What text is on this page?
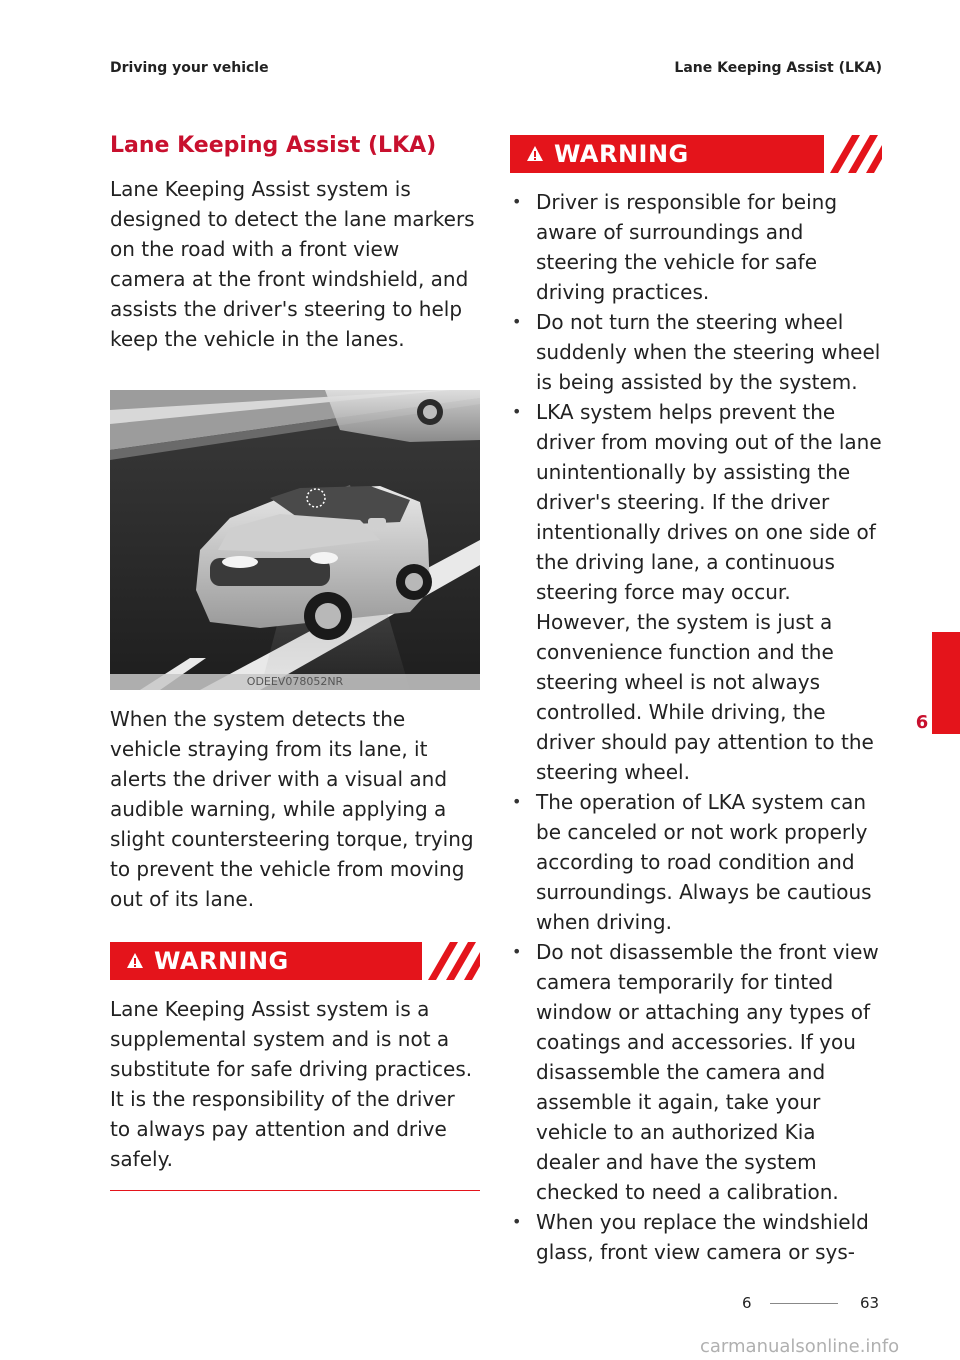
Driving your vehicle	Lane Keeping Assist (LKA)
Lane Keeping Assist (LKA)

Lane Keeping Assist system is designed to detect the lane markers on the road with a front view camera at the front windshield, and assists the driver's steering to help keep the vehicle in the lanes.

ODEEV078052NR

When the system detects the vehicle straying from its lane, it alerts the driver with a visual and audible warning, while applying a slight countersteering torque, trying to prevent the vehicle from moving out of its lane.

WARNING

Lane Keeping Assist system is a supplemental system and is not a substitute for safe driving practices. It is the responsibility of the driver to always pay attention and drive safely.

WARNING
• Driver is responsible for being aware of surroundings and steering the vehicle for safe driving practices.
• Do not turn the steering wheel suddenly when the steering wheel is being assisted by the system.
• LKA system helps prevent the driver from moving out of the lane unintentionally by assisting the driver's steering. If the driver intentionally drives on one side of the driving lane, a continuous steering force may occur. However, the system is just a convenience function and the steering wheel is not always controlled. While driving, the driver should pay attention to the steering wheel.
• The operation of LKA system can be canceled or not work properly according to road condition and surroundings. Always be cautious when driving.
• Do not disassemble the front view camera temporarily for tinted window or attaching any types of coatings and accessories. If you disassemble the camera and assemble it again, take your vehicle to an authorized Kia dealer and have the system checked to need a calibration.
• When you replace the windshield glass, front view camera or sys-
6
6	63
carmanualsonline.info
